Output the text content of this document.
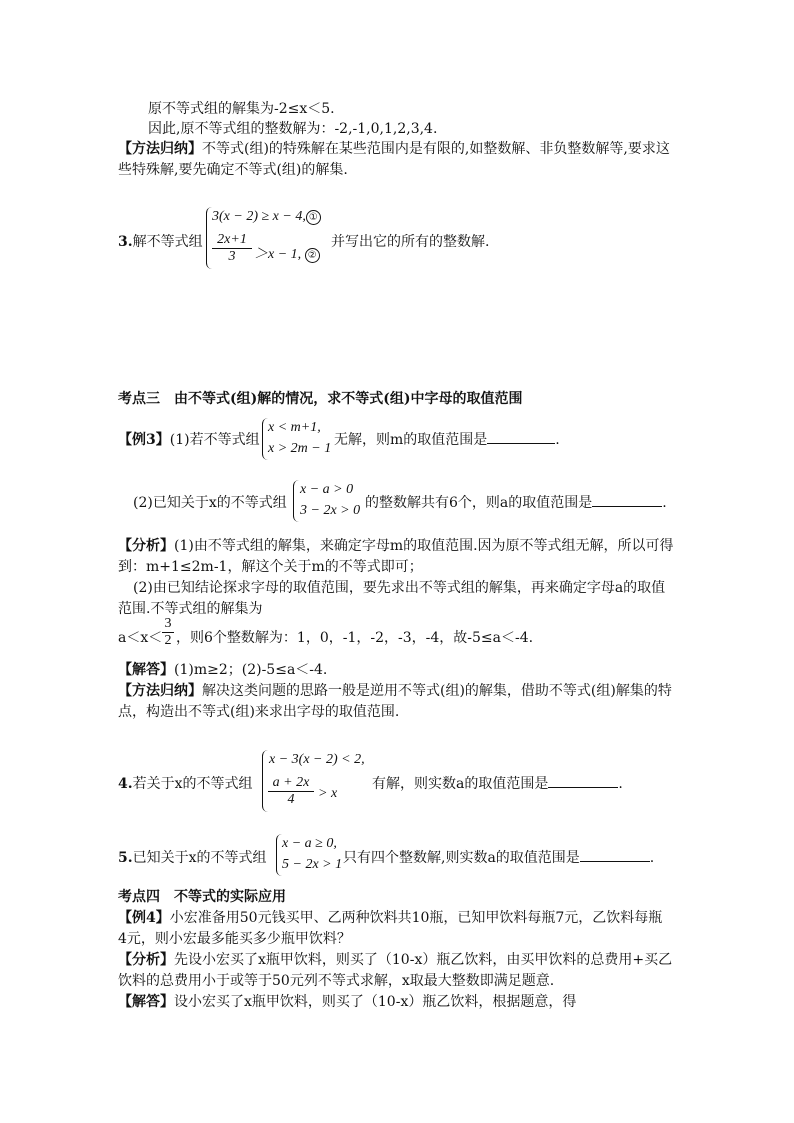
原不等式组的解集为-2≤x＜5.
因此,原不等式组的整数解为：-2,-1,0,1,2,3,4.
【方法归纳】不等式(组)的特殊解在某些范围内是有限的,如整数解、非负整数解等,要求这
些特殊解,要先确定不等式(组)的解集.
3.解不等式组
3(x − 2) ≥ x − 4, ①
$\frac{2x+1}{3} >x - 1$, ②
并写出它的所有的整数解.
考点三　由不等式(组)解的情况，求不等式(组)中字母的取值范围
【例3】(1)若不等式组
x < m+1,
x > 2m − 1
无解，则m的取值范围是	.
(2)已知关于x的不等式组
x − a > 0
3 − 2x > 0 的整数解共有6个，则a的取值范围是	.
【分析】(1)由不等式组的解集，来确定字母m的取值范围.因为原不等式组无解，所以可得
到：m+1≤2m-1，解这个关于m的不等式即可；
(2)由已知结论探求字母的取值范围，要先求出不等式组的解集，再来确定字母a的取值
范围.不等式组的解集为
$a<x< \frac{3}{2}$ ，则6个整数解为：1，0，-1，-2，-3，-4，故-5≤a＜-4.
【解答】(1)m≥2；(2)-5≤a＜-4.
【方法归纳】解决这类问题的思路一般是逆用不等式(组)的解集，借助不等式(组)解集的特
点，构造出不等式(组)来求出字母的取值范围.
4.若关于x的不等式组
x − 3(x − 2) < 2,
$\frac{a + 2x}{4} > x$
有解，则实数a的取值范围是	.
5.已知关于x的不等式组
x − a ≥ 0,
5 − 2x > 1 只有四个整数解,则实数a的取值范围是	.
考点四　不等式的实际应用
【例4】小宏准备用50元钱买甲、乙两种饮料共10瓶，已知甲饮料每瓶7元，乙饮料每瓶
4元，则小宏最多能买多少瓶甲饮料？
【分析】先设小宏买了x瓶甲饮料，则买了（10-x）瓶乙饮料，由买甲饮料的总费用+买乙
饮料的总费用小于或等于50元列不等式求解，x取最大整数即满足题意.
【解答】设小宏买了x瓶甲饮料，则买了（10-x）瓶乙饮料，根据题意，得
